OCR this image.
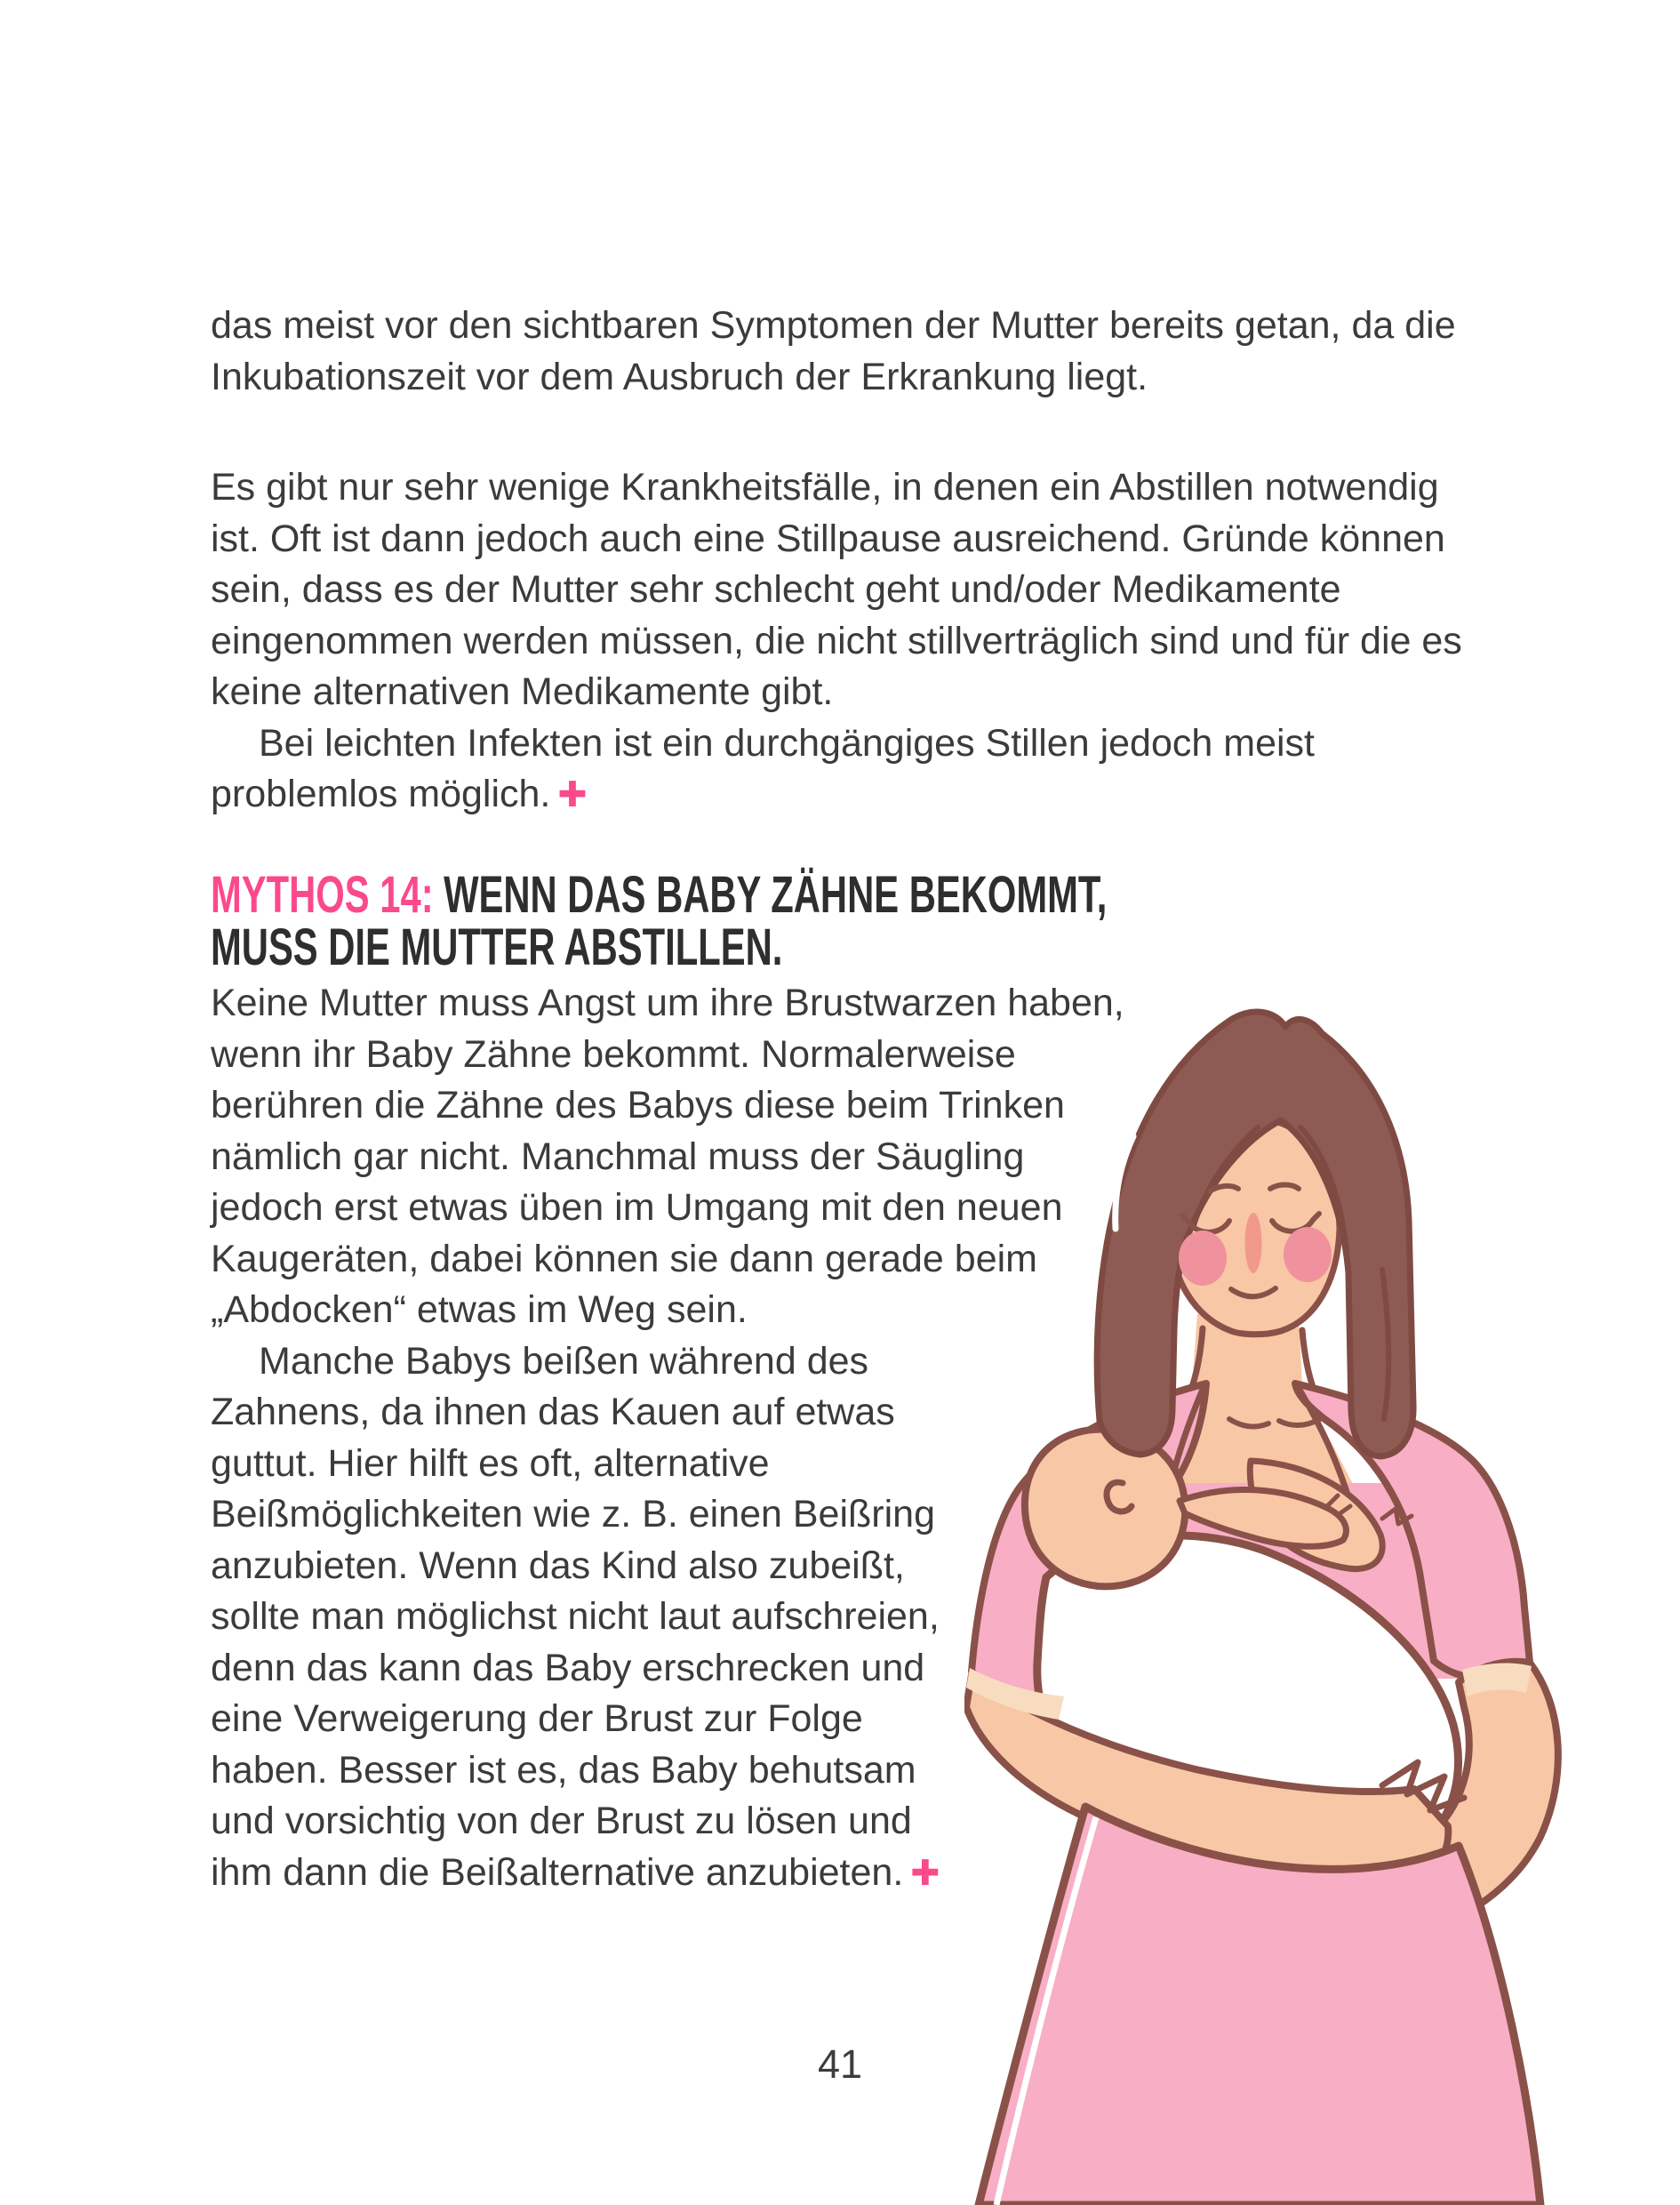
das meist vor den sichtbaren Symptomen der Mutter bereits getan, da die Inkubationszeit vor dem Ausbruch der Erkrankung liegt.

Es gibt nur sehr wenige Krankheitsfälle, in denen ein Abstillen notwendig ist. Oft ist dann jedoch auch eine Stillpause ausreichend. Gründe können sein, dass es der Mutter sehr schlecht geht und/oder Medikamente eingenommen werden müssen, die nicht stillverträglich sind und für die es keine alternativen Medikamente gibt.

Bei leichten Infekten ist ein durchgängiges Stillen jedoch meist problemlos möglich. ✚

MYTHOS 14: WENN DAS BABY ZÄHNE BEKOMMT,
MUSS DIE MUTTER ABSTILLEN.

Keine Mutter muss Angst um ihre Brustwarzen haben, wenn ihr Baby Zähne bekommt. Normalerweise berühren die Zähne des Babys diese beim Trinken nämlich gar nicht. Manchmal muss der Säugling jedoch erst etwas üben im Umgang mit den neuen Kaugeräten, dabei können sie dann gerade beim „Abdocken“ etwas im Weg sein.

Manche Babys beißen während des Zahnens, da ihnen das Kauen auf etwas guttut. Hier hilft es oft, alternative Beißmöglichkeiten wie z. B. einen Beißring anzubieten. Wenn das Kind also zubeißt, sollte man möglichst nicht laut aufschreien, denn das kann das Baby erschrecken und eine Verweigerung der Brust zur Folge haben. Besser ist es, das Baby behutsam und vorsichtig von der Brust zu lösen und ihm dann die Beißalternative anzubieten. ✚

41
